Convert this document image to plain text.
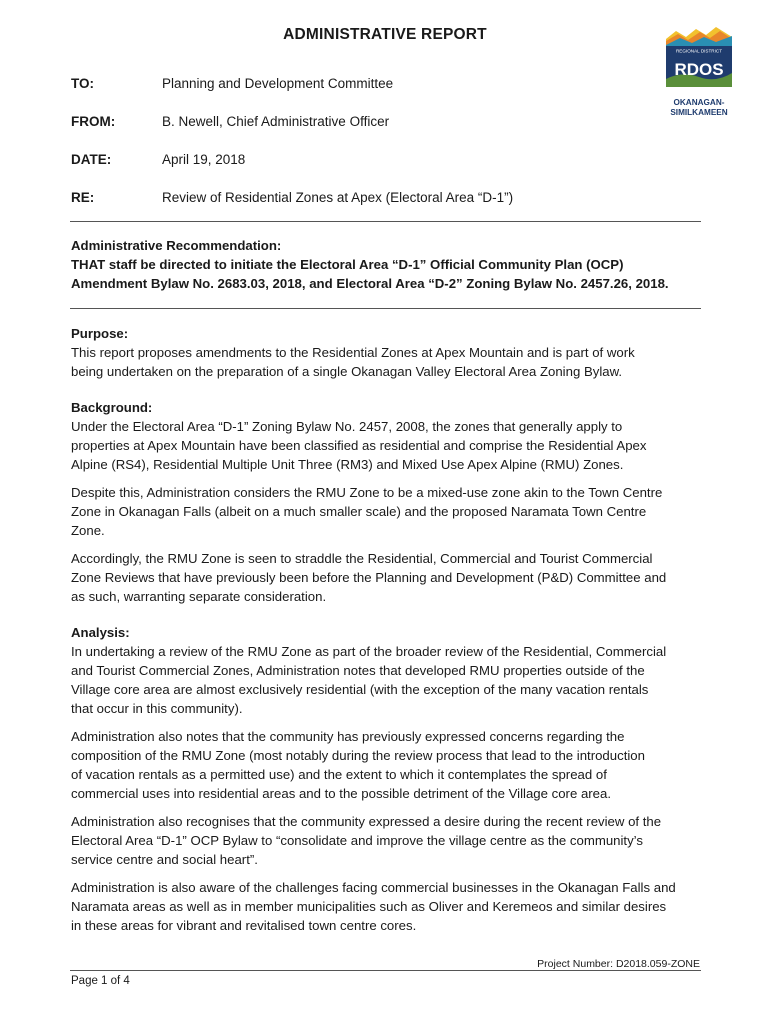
ADMINISTRATIVE REPORT
TO:	Planning and Development Committee
FROM:	B. Newell, Chief Administrative Officer
DATE:	April 19, 2018
RE:	Review of Residential Zones at Apex (Electoral Area “D-1”)
REGIONAL DISTRICT
RDOS
OKANAGAN-
SIMILKAMEEN
Administrative Recommendation:
THAT staff be directed to initiate the Electoral Area “D-1” Official Community Plan (OCP)
Amendment Bylaw No. 2683.03, 2018, and Electoral Area “D-2” Zoning Bylaw No. 2457.26, 2018.
Purpose:
This report proposes amendments to the Residential Zones at Apex Mountain and is part of work
being undertaken on the preparation of a single Okanagan Valley Electoral Area Zoning Bylaw.
Background:
Under the Electoral Area “D-1” Zoning Bylaw No. 2457, 2008, the zones that generally apply to
properties at Apex Mountain have been classified as residential and comprise the Residential Apex
Alpine (RS4), Residential Multiple Unit Three (RM3) and Mixed Use Apex Alpine (RMU) Zones.
Despite this, Administration considers the RMU Zone to be a mixed-use zone akin to the Town Centre
Zone in Okanagan Falls (albeit on a much smaller scale) and the proposed Naramata Town Centre
Zone.
Accordingly, the RMU Zone is seen to straddle the Residential, Commercial and Tourist Commercial
Zone Reviews that have previously been before the Planning and Development (P&D) Committee and
as such, warranting separate consideration.
Analysis:
In undertaking a review of the RMU Zone as part of the broader review of the Residential, Commercial
and Tourist Commercial Zones, Administration notes that developed RMU properties outside of the
Village core area are almost exclusively residential (with the exception of the many vacation rentals
that occur in this community).
Administration also notes that the community has previously expressed concerns regarding the
composition of the RMU Zone (most notably during the review process that lead to the introduction
of vacation rentals as a permitted use) and the extent to which it contemplates the spread of
commercial uses into residential areas and to the possible detriment of the Village core area.
Administration also recognises that the community expressed a desire during the recent review of the
Electoral Area “D-1” OCP Bylaw to “consolidate and improve the village centre as the community’s
service centre and social heart”.
Administration is also aware of the challenges facing commercial businesses in the Okanagan Falls and
Naramata areas as well as in member municipalities such as Oliver and Keremeos and similar desires
in these areas for vibrant and revitalised town centre cores.
Project Number: D2018.059-ZONE
Page 1 of 4
